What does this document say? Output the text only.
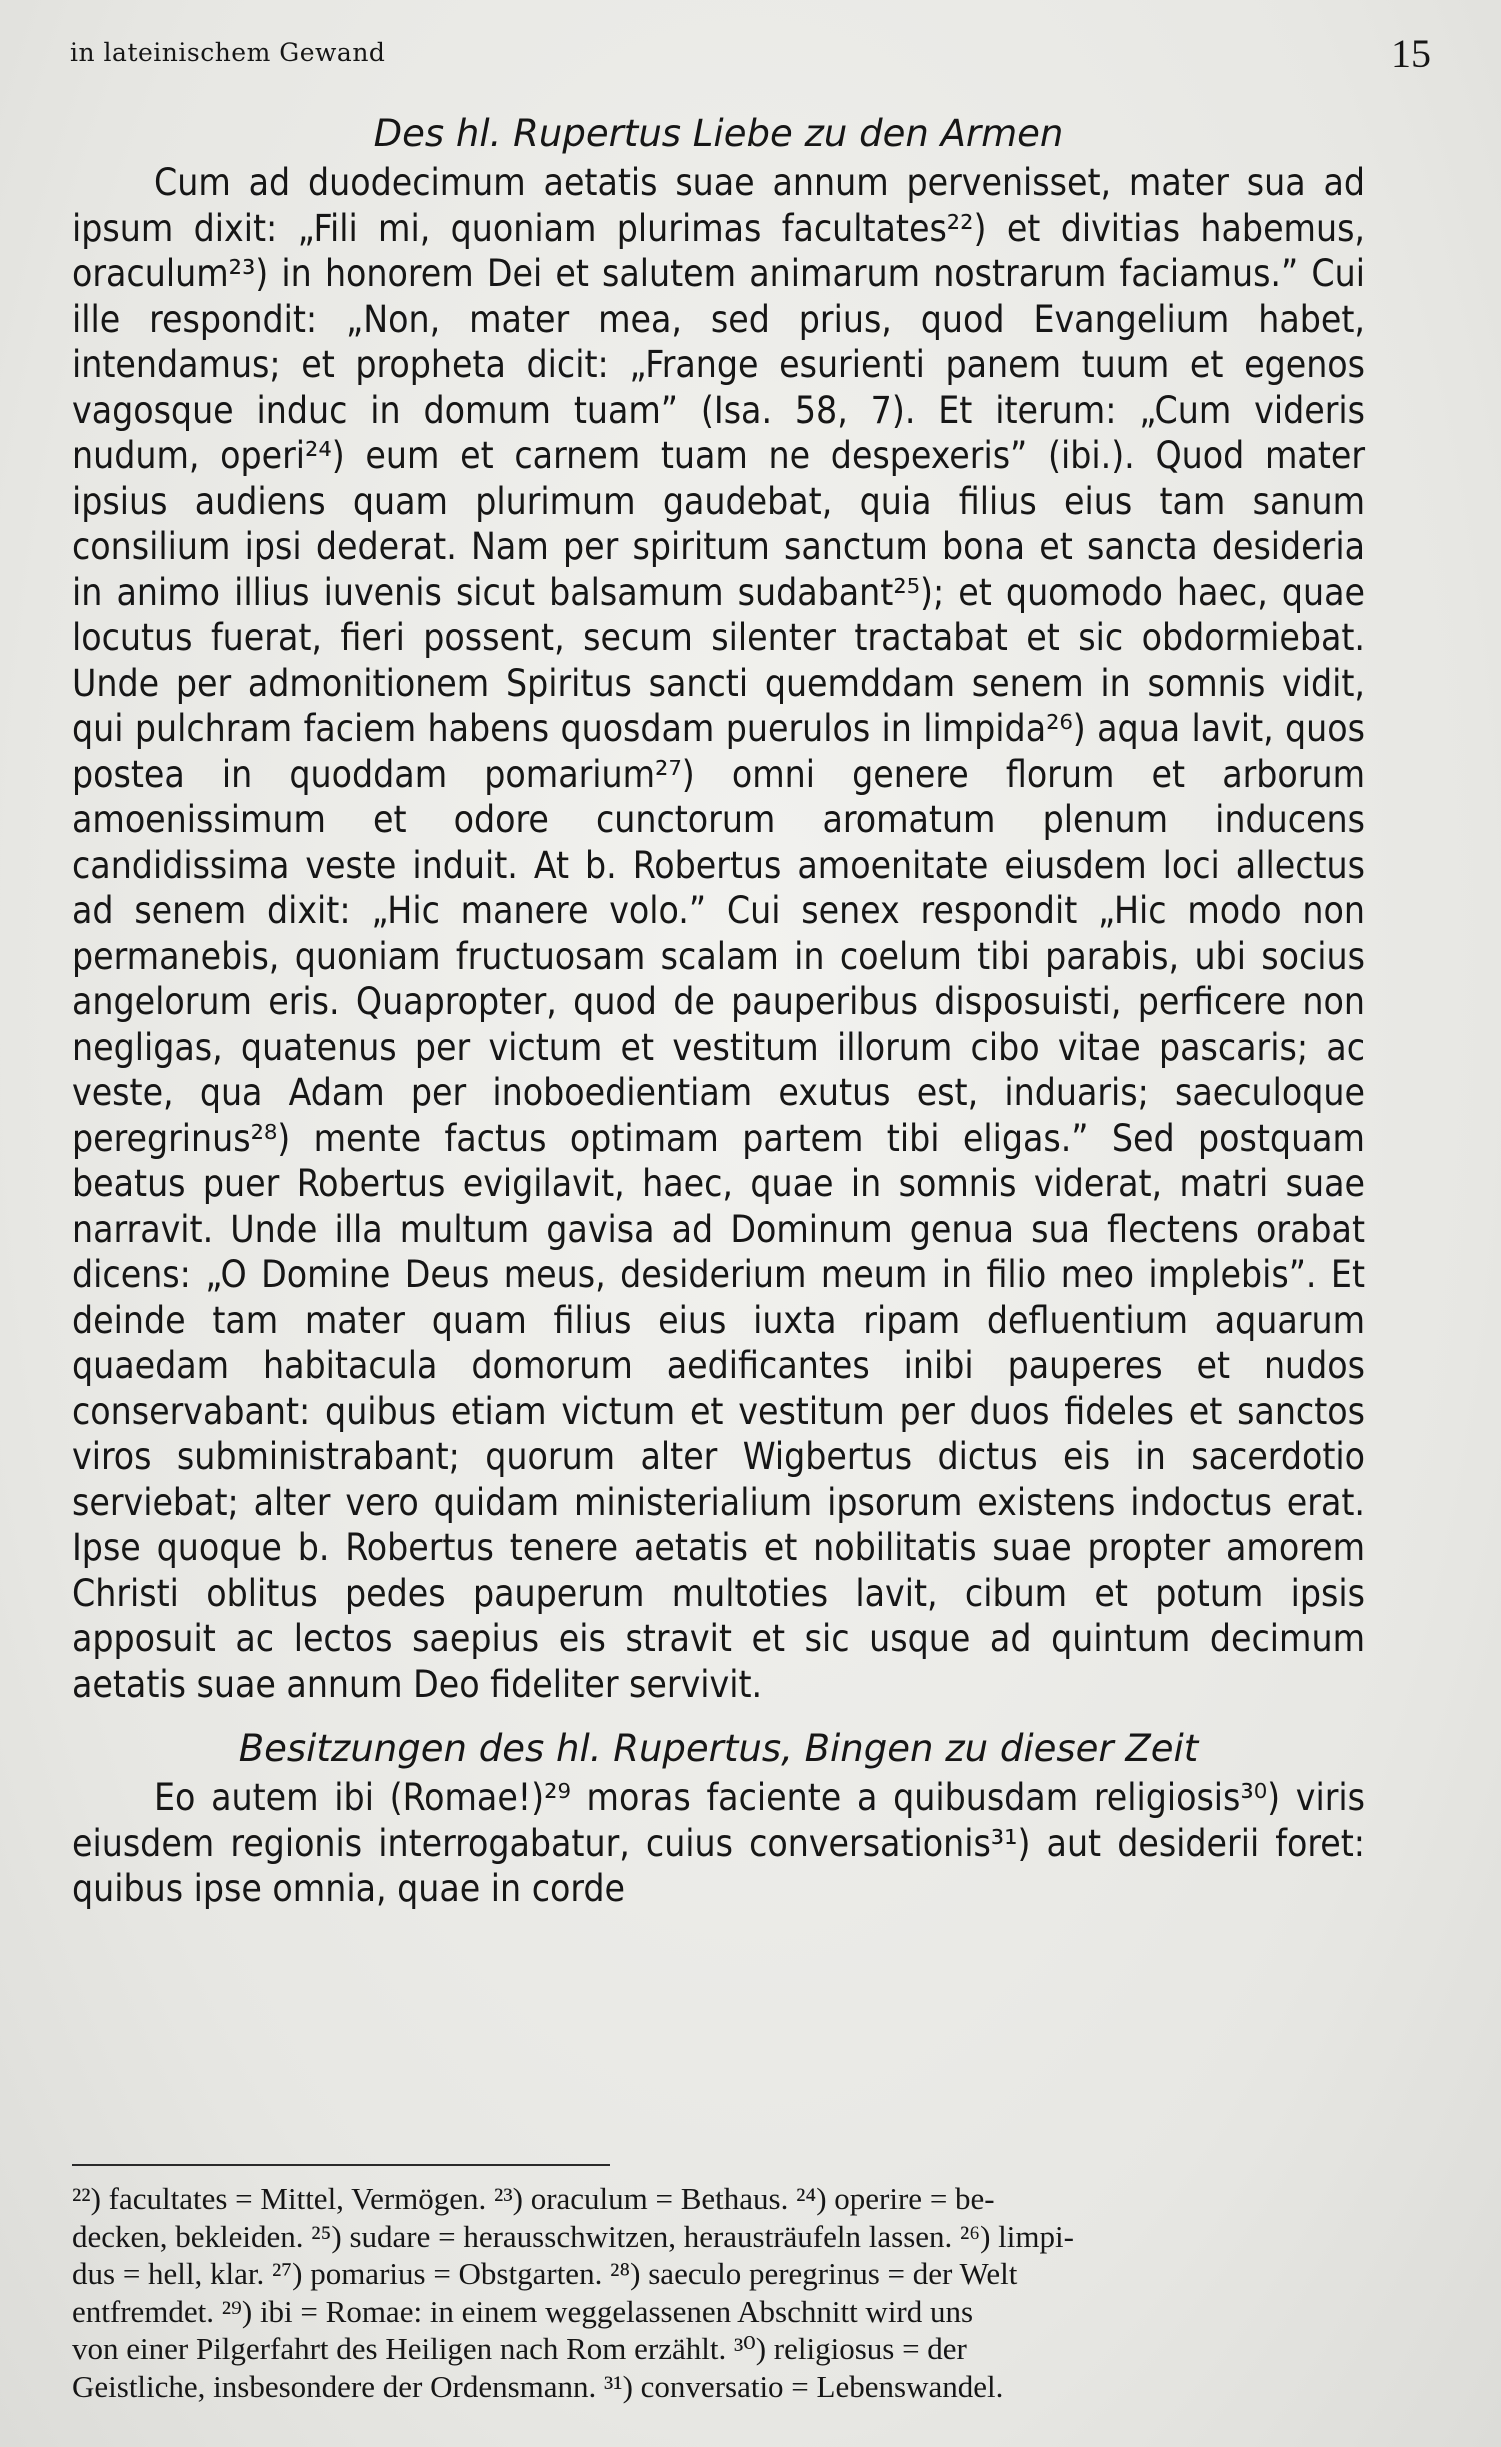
in lateinischem Gewand	15
Des hl. Rupertus Liebe zu den Armen

Cum ad duodecimum aetatis suae annum pervenisset, mater sua ad ipsum dixit: „Fili mi, quoniam plurimas facultates²²) et divitias habemus, oraculum²³) in honorem Dei et salutem animarum nostrarum faciamus.” Cui ille respondit: „Non, mater mea, sed prius, quod Evangelium habet, intendamus; et propheta dicit: „Frange esurienti panem tuum et egenos vagosque induc in domum tuam” (Isa. 58, 7). Et iterum: „Cum videris nudum, operi²⁴) eum et carnem tuam ne despexeris” (ibi.). Quod mater ipsius audiens quam plurimum gaudebat, quia filius eius tam sanum consilium ipsi dederat. Nam per spiritum sanctum bona et sancta desideria in animo illius iuvenis sicut balsamum sudabant²⁵); et quomodo haec, quae locutus fuerat, fieri possent, secum silenter tractabat et sic obdormiebat. Unde per admonitionem Spiritus sancti quemddam senem in somnis vidit, qui pulchram faciem habens quosdam puerulos in limpida²⁶) aqua lavit, quos postea in quoddam pomarium²⁷) omni genere florum et arborum amoenissimum et odore cunctorum aromatum plenum inducens candidissima veste induit. At b. Robertus amoenitate eiusdem loci allectus ad senem dixit: „Hic manere volo.” Cui senex respondit „Hic modo non permanebis, quoniam fructuosam scalam in coelum tibi parabis, ubi socius angelorum eris. Quapropter, quod de pauperibus disposuisti, perficere non negligas, quatenus per victum et vestitum illorum cibo vitae pascaris; ac veste, qua Adam per inoboedientiam exutus est, induaris; saeculoque peregrinus²⁸) mente factus optimam partem tibi eligas.” Sed postquam beatus puer Robertus evigilavit, haec, quae in somnis viderat, matri suae narravit. Unde illa multum gavisa ad Dominum genua sua flectens orabat dicens: „O Domine Deus meus, desiderium meum in filio meo implebis”. Et deinde tam mater quam filius eius iuxta ripam defluentium aquarum quaedam habitacula domorum aedificantes inibi pauperes et nudos conservabant: quibus etiam victum et vestitum per duos fideles et sanctos viros subministrabant; quorum alter Wigbertus dictus eis in sacerdotio serviebat; alter vero quidam ministerialium ipsorum existens indoctus erat. Ipse quoque b. Robertus tenere aetatis et nobilitatis suae propter amorem Christi oblitus pedes pauperum multoties lavit, cibum et potum ipsis apposuit ac lectos saepius eis stravit et sic usque ad quintum decimum aetatis suae annum Deo fideliter servivit.

Besitzungen des hl. Rupertus, Bingen zu dieser Zeit

Eo autem ibi (Romae!)²⁹ moras faciente a quibusdam religiosis³⁰) viris eiusdem regionis interrogabatur, cuius conversationis³¹) aut desiderii foret: quibus ipse omnia, quae in corde

²²) facultates = Mittel, Vermögen. ²³) oraculum = Bethaus. ²⁴) operire = be-
decken, bekleiden. ²⁵) sudare = herausschwitzen, herausträufeln lassen. ²⁶) limpi-
dus = hell, klar. ²⁷) pomarius = Obstgarten. ²⁸) saeculo peregrinus = der Welt
entfremdet. ²⁹) ibi = Romae: in einem weggelassenen Abschnitt wird uns
von einer Pilgerfahrt des Heiligen nach Rom erzählt. ³⁰) religiosus = der
Geistliche, insbesondere der Ordensmann. ³¹) conversatio = Lebenswandel.
